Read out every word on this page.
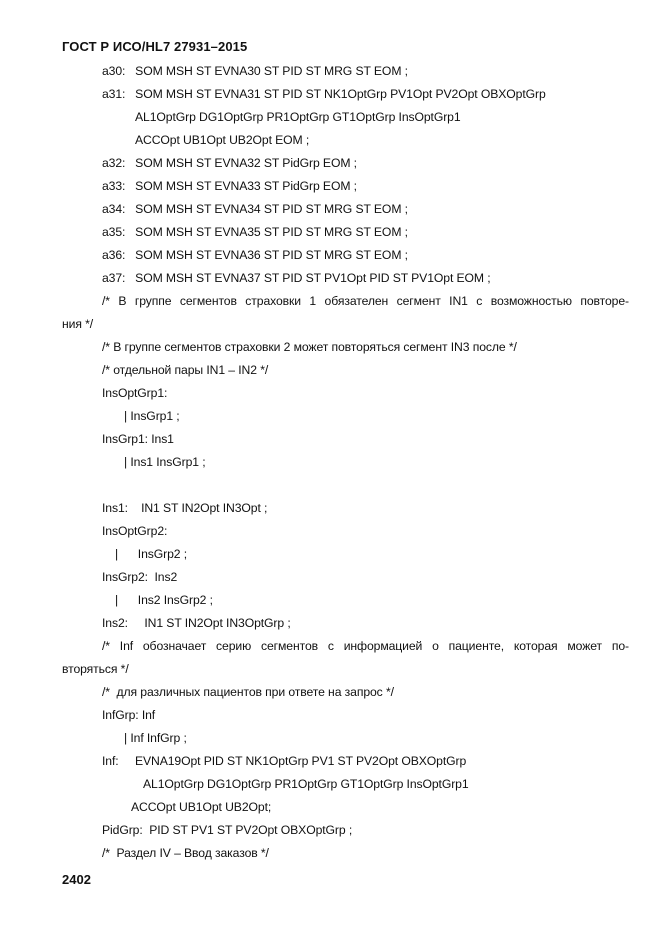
ГОСТ Р ИСО/HL7 27931–2015
a30:   SOM MSH ST EVNA30 ST PID ST MRG ST EOM ;
a31:   SOM MSH ST EVNA31 ST PID ST NK1OptGrp PV1Opt PV2Opt OBXOptGrp
AL1OptGrp DG1OptGrp PR1OptGrp GT1OptGrp InsOptGrp1
ACCOpt UB1Opt UB2Opt EOM ;
a32:   SOM MSH ST EVNA32 ST PidGrp EOM ;
a33:   SOM MSH ST EVNA33 ST PidGrp EOM ;
a34:   SOM MSH ST EVNA34 ST PID ST MRG ST EOM ;
a35:   SOM MSH ST EVNA35 ST PID ST MRG ST EOM ;
a36:   SOM MSH ST EVNA36 ST PID ST MRG ST EOM ;
a37:   SOM MSH ST EVNA37 ST PID ST PV1Opt PID ST PV1Opt EOM ;
/* В группе сегментов страховки 1 обязателен сегмент IN1 с возможностью повторе-
ния */
/* В группе сегментов страховки 2 может повторяться сегмент IN3 после */
/* отдельной пары IN1 – IN2 */
InsOptGrp1:
| InsGrp1 ;
InsGrp1: Ins1
| Ins1 InsGrp1 ;
Ins1:    IN1 ST IN2Opt IN3Opt ;
InsOptGrp2:
|      InsGrp2 ;
InsGrp2:  Ins2
|      Ins2 InsGrp2 ;
Ins2:     IN1 ST IN2Opt IN3OptGrp ;
/* Inf обозначает серию сегментов с информацией о пациенте, которая может по-
вторяться */
/*  для различных пациентов при ответе на запрос */
InfGrp: Inf
| Inf InfGrp ;
Inf:     EVNA19Opt PID ST NK1OptGrp PV1 ST PV2Opt OBXOptGrp
AL1OptGrp DG1OptGrp PR1OptGrp GT1OptGrp InsOptGrp1
ACCOpt UB1Opt UB2Opt;
PidGrp:  PID ST PV1 ST PV2Opt OBXOptGrp ;
/*  Раздел IV – Ввод заказов */
2402
